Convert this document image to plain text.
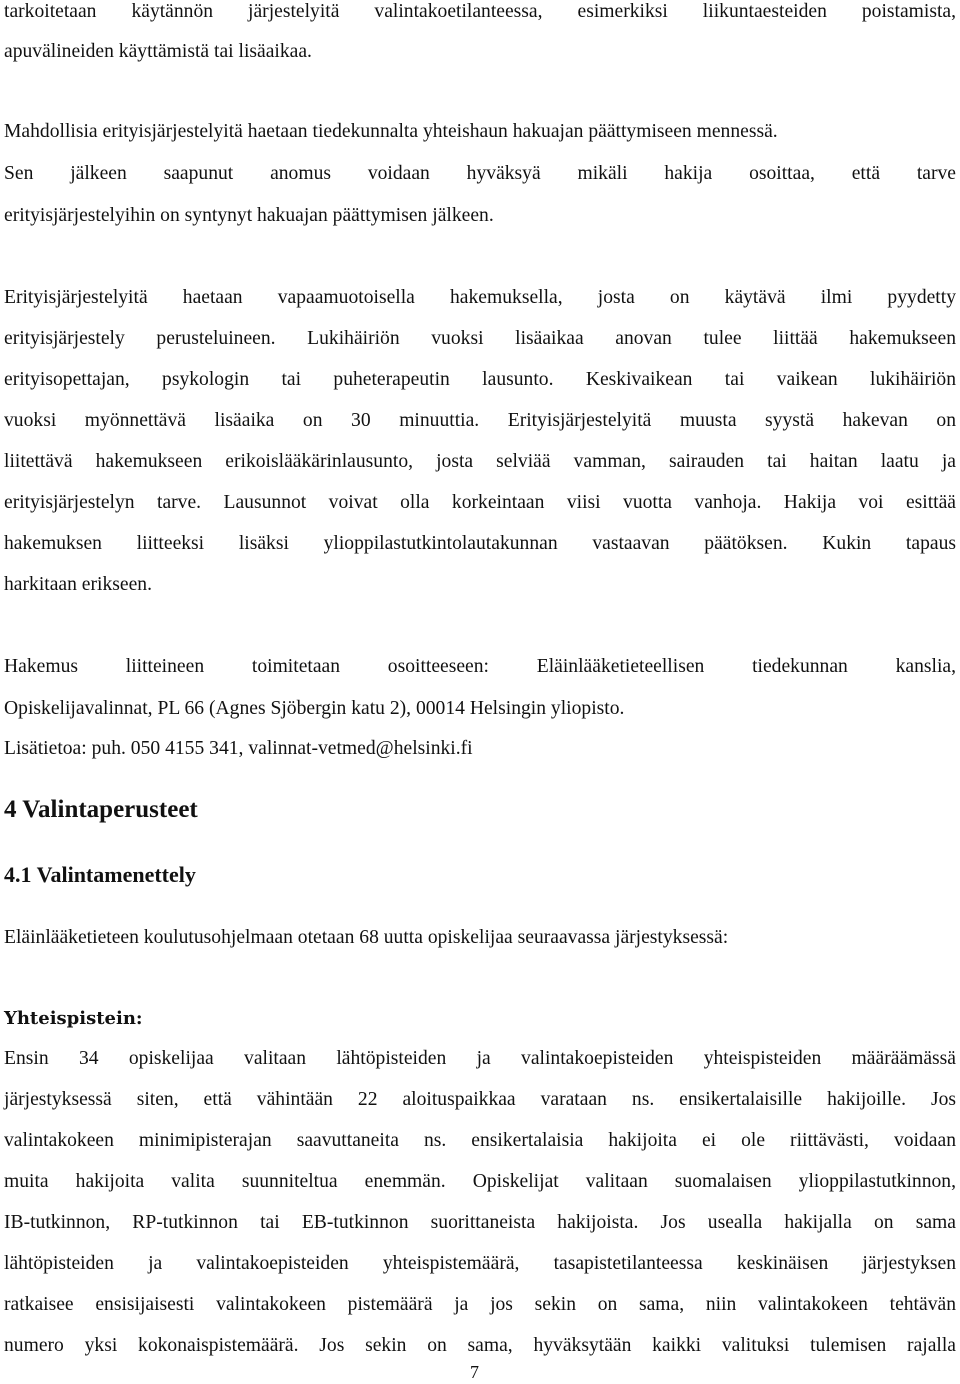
tarkoitetaan käytännön järjestelyitä valintakoetilanteessa, esimerkiksi liikuntaesteiden poistamista,
apuvälineiden käyttämistä tai lisäaikaa.
Mahdollisia erityisjärjestelyitä haetaan tiedekunnalta yhteishaun hakuajan päättymiseen mennessä.
Sen jälkeen saapunut anomus voidaan hyväksyä mikäli hakija osoittaa, että tarve
erityisjärjestelyihin on syntynyt hakuajan päättymisen jälkeen.
Erityisjärjestelyitä haetaan vapaamuotoisella hakemuksella, josta on käytävä ilmi pyydetty
erityisjärjestely perusteluineen. Lukihäiriön vuoksi lisäaikaa anovan tulee liittää hakemukseen
erityisopettajan, psykologin tai puheterapeutin lausunto. Keskivaikean tai vaikean lukihäiriön
vuoksi myönnettävä lisäaika on 30 minuuttia. Erityisjärjestelyitä muusta syystä hakevan on
liitettävä hakemukseen erikoislääkärinlausunto, josta selviää vamman, sairauden tai haitan laatu ja
erityisjärjestelyn tarve. Lausunnot voivat olla korkeintaan viisi vuotta vanhoja. Hakija voi esittää
hakemuksen liitteeksi lisäksi ylioppilastutkintolautakunnan vastaavan päätöksen. Kukin tapaus
harkitaan erikseen.
Hakemus liitteineen toimitetaan osoitteeseen: Eläinlääketieteellisen tiedekunnan kanslia,
Opiskelijavalinnat, PL 66 (Agnes Sjöbergin katu 2), 00014 Helsingin yliopisto.
Lisätietoa: puh. 050 4155 341, valinnat-vetmed@helsinki.fi
4 Valintaperusteet
4.1 Valintamenettely
Eläinlääketieteen koulutusohjelmaan otetaan 68 uutta opiskelijaa seuraavassa järjestyksessä:
Yhteispistein:
Ensin 34 opiskelijaa valitaan lähtöpisteiden ja valintakoepisteiden yhteispisteiden määräämässä
järjestyksessä siten, että vähintään 22 aloituspaikkaa varataan ns. ensikertalaisille hakijoille. Jos
valintakokeen minimipisterajan saavuttaneita ns. ensikertalaisia hakijoita ei ole riittävästi, voidaan
muita hakijoita valita suunniteltua enemmän. Opiskelijat valitaan suomalaisen ylioppilastutkinnon,
IB-tutkinnon, RP-tutkinnon tai EB-tutkinnon suorittaneista hakijoista. Jos usealla hakijalla on sama
lähtöpisteiden ja valintakoepisteiden yhteispistemäärä, tasapistetilanteessa keskinäisen järjestyksen
ratkaisee ensisijaisesti valintakokeen pistemäärä ja jos sekin on sama, niin valintakokeen tehtävän
numero yksi kokonaispistemäärä. Jos sekin on sama, hyväksytään kaikki valituksi tulemisen rajalla
7
